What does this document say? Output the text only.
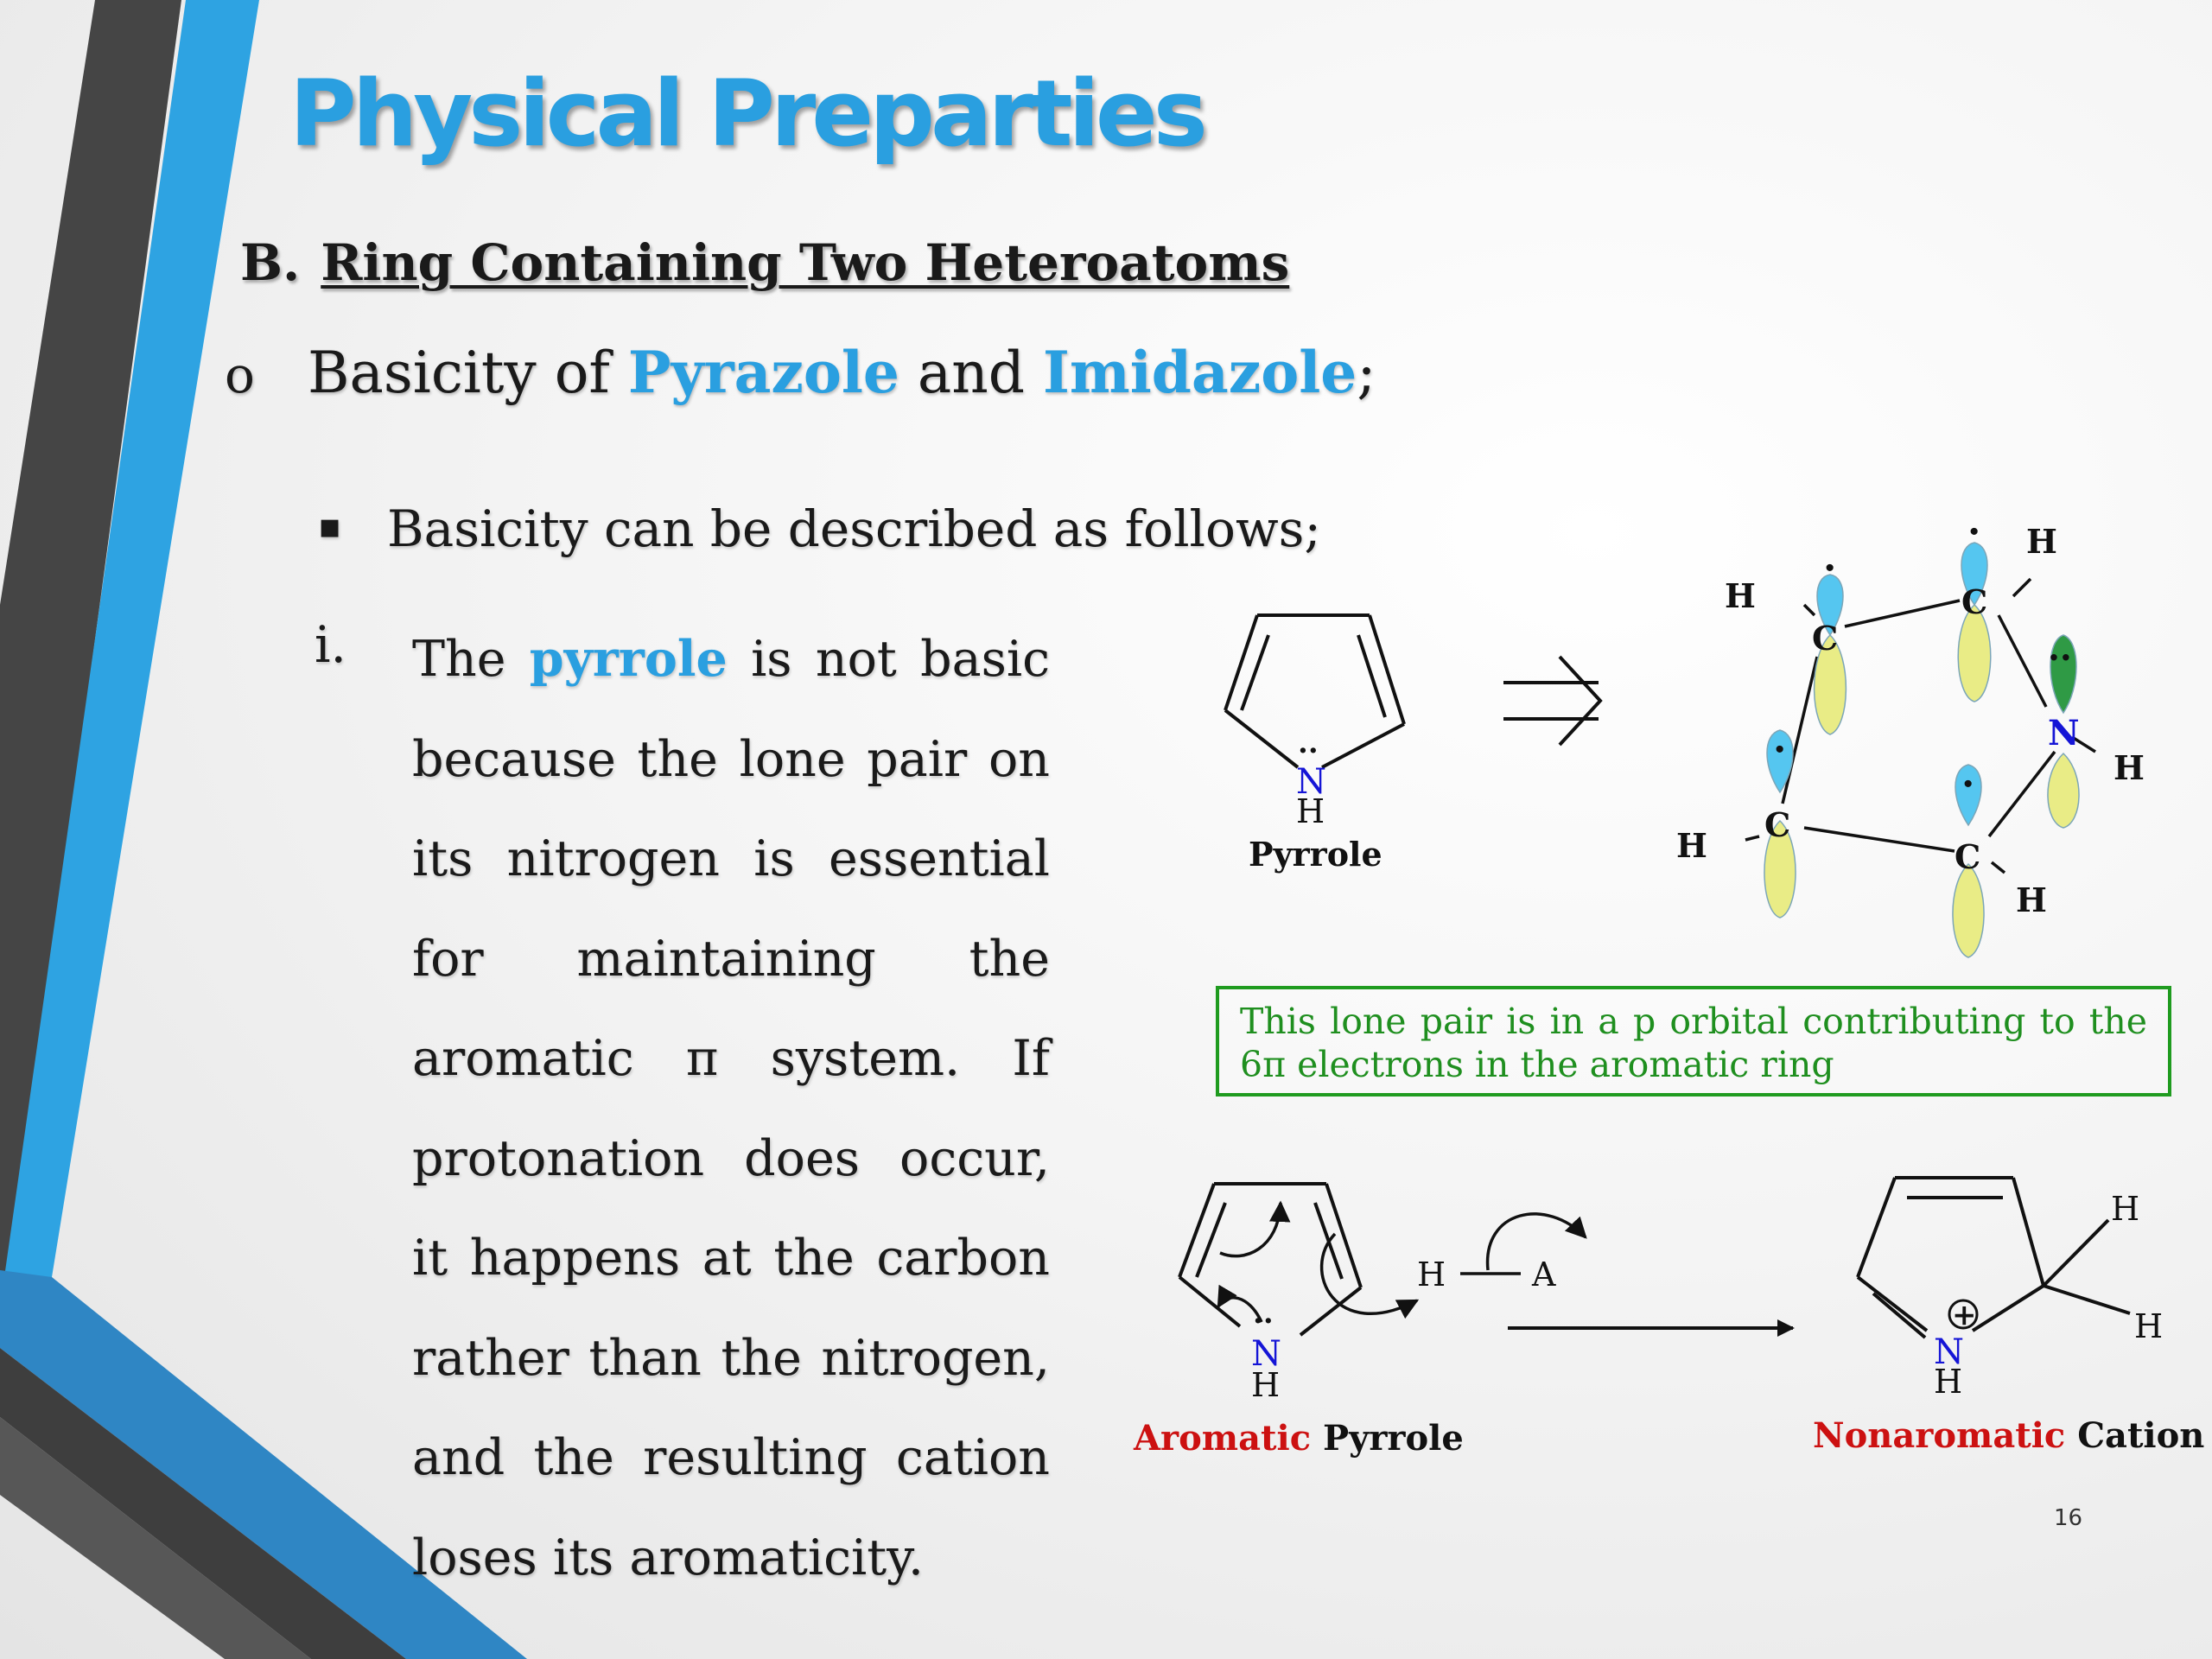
Physical Preparties
B. Ring Containing Two Heteroatoms
o Basicity of Pyrazole and Imidazole;
▪ Basicity can be described as follows;
i. The pyrrole is not basic because the lone pair on its nitrogen is essential for maintaining the aromatic π system. If protonation does occur, it happens at the carbon rather than the nitrogen, and the resulting cation loses its aromaticity.

··
N
H
Pyrrole
·
·
·
·
··
C
C
C
C
H
H
H
H
H
N
··
N
H
H	A
Aromatic Pyrrole
+
N
H
H
H
Nonaromatic Cation
This lone pair is in a p orbital contributing to the 6π electrons in the aromatic ring
16
